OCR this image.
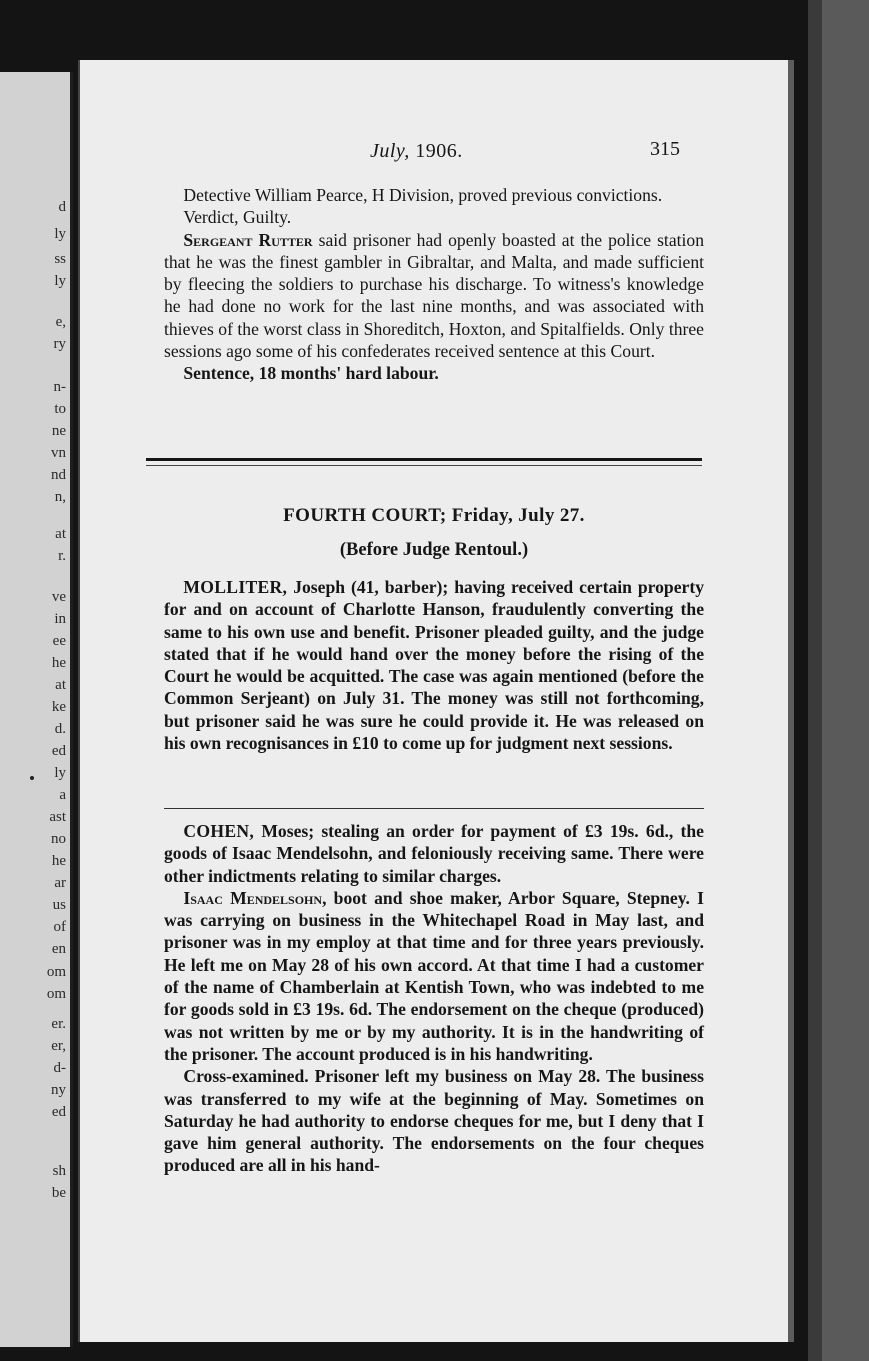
d
ly
ss
ly
e,
ry
n-
to
ne
vn
nd
n,
at
r.
ve
in
ee
he
at
ke
d.
ed
ly
a
ast
no
he
ar
us
of
en
om
om
er.
er,
d-
ny
ed
sh
be
July, 1906.	315

Detective William Pearce, H Division, proved previous convictions.

Verdict, Guilty.

Sergeant Rutter said prisoner had openly boasted at the police station that he was the finest gambler in Gibraltar, and Malta, and made sufficient by fleecing the soldiers to purchase his discharge. To witness's knowledge he had done no work for the last nine months, and was associated with thieves of the worst class in Shoreditch, Hoxton, and Spitalfields. Only three sessions ago some of his confederates received sentence at this Court.

Sentence, 18 months' hard labour.

FOURTH COURT; Friday, July 27.
(Before Judge Rentoul.)

MOLLITER, Joseph (41, barber); having received certain property for and on account of Charlotte Hanson, fraudulently converting the same to his own use and benefit. Prisoner pleaded guilty, and the judge stated that if he would hand over the money before the rising of the Court he would be acquitted. The case was again mentioned (before the Common Serjeant) on July 31. The money was still not forthcoming, but prisoner said he was sure he could provide it. He was released on his own recognisances in £10 to come up for judgment next sessions.

COHEN, Moses; stealing an order for payment of £3 19s. 6d., the goods of Isaac Mendelsohn, and feloniously receiving same. There were other indictments relating to similar charges.

Isaac Mendelsohn, boot and shoe maker, Arbor Square, Stepney. I was carrying on business in the Whitechapel Road in May last, and prisoner was in my employ at that time and for three years previously. He left me on May 28 of his own accord. At that time I had a customer of the name of Chamberlain at Kentish Town, who was indebted to me for goods sold in £3 19s. 6d. The endorsement on the cheque (produced) was not written by me or by my authority. It is in the handwriting of the prisoner. The account produced is in his handwriting.

Cross-examined. Prisoner left my business on May 28. The business was transferred to my wife at the beginning of May. Sometimes on Saturday he had authority to endorse cheques for me, but I deny that I gave him general authority. The endorsements on the four cheques produced are all in his hand-
